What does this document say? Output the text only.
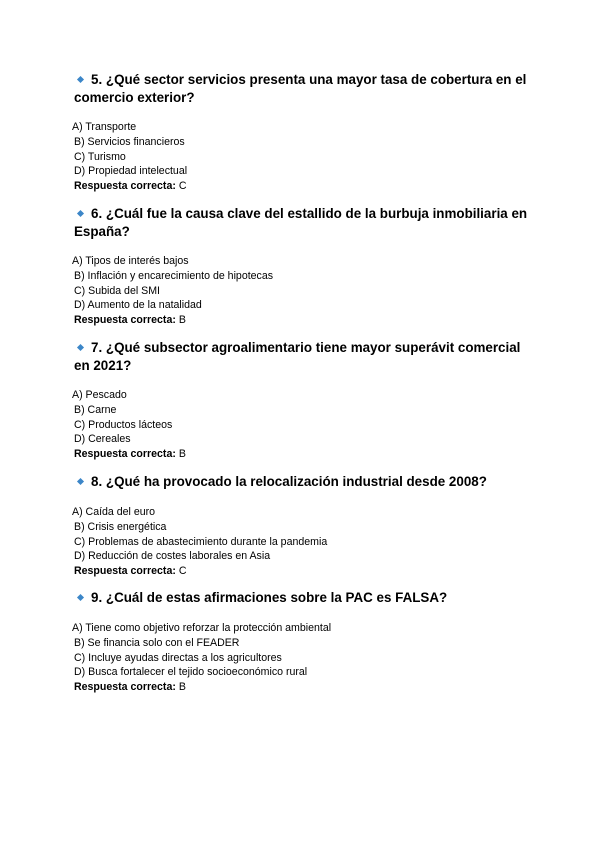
5. ¿Qué sector servicios presenta una mayor tasa de cobertura en el comercio exterior?

A) Transporte
B) Servicios financieros
C) Turismo
D) Propiedad intelectual
Respuesta correcta: C

6. ¿Cuál fue la causa clave del estallido de la burbuja inmobiliaria en España?

A) Tipos de interés bajos
B) Inflación y encarecimiento de hipotecas
C) Subida del SMI
D) Aumento de la natalidad
Respuesta correcta: B

7. ¿Qué subsector agroalimentario tiene mayor superávit comercial en 2021?

A) Pescado
B) Carne
C) Productos lácteos
D) Cereales
Respuesta correcta: B

8. ¿Qué ha provocado la relocalización industrial desde 2008?

A) Caída del euro
B) Crisis energética
C) Problemas de abastecimiento durante la pandemia
D) Reducción de costes laborales en Asia
Respuesta correcta: C

9. ¿Cuál de estas afirmaciones sobre la PAC es FALSA?

A) Tiene como objetivo reforzar la protección ambiental
B) Se financia solo con el FEADER
C) Incluye ayudas directas a los agricultores
D) Busca fortalecer el tejido socioeconómico rural
Respuesta correcta: B
